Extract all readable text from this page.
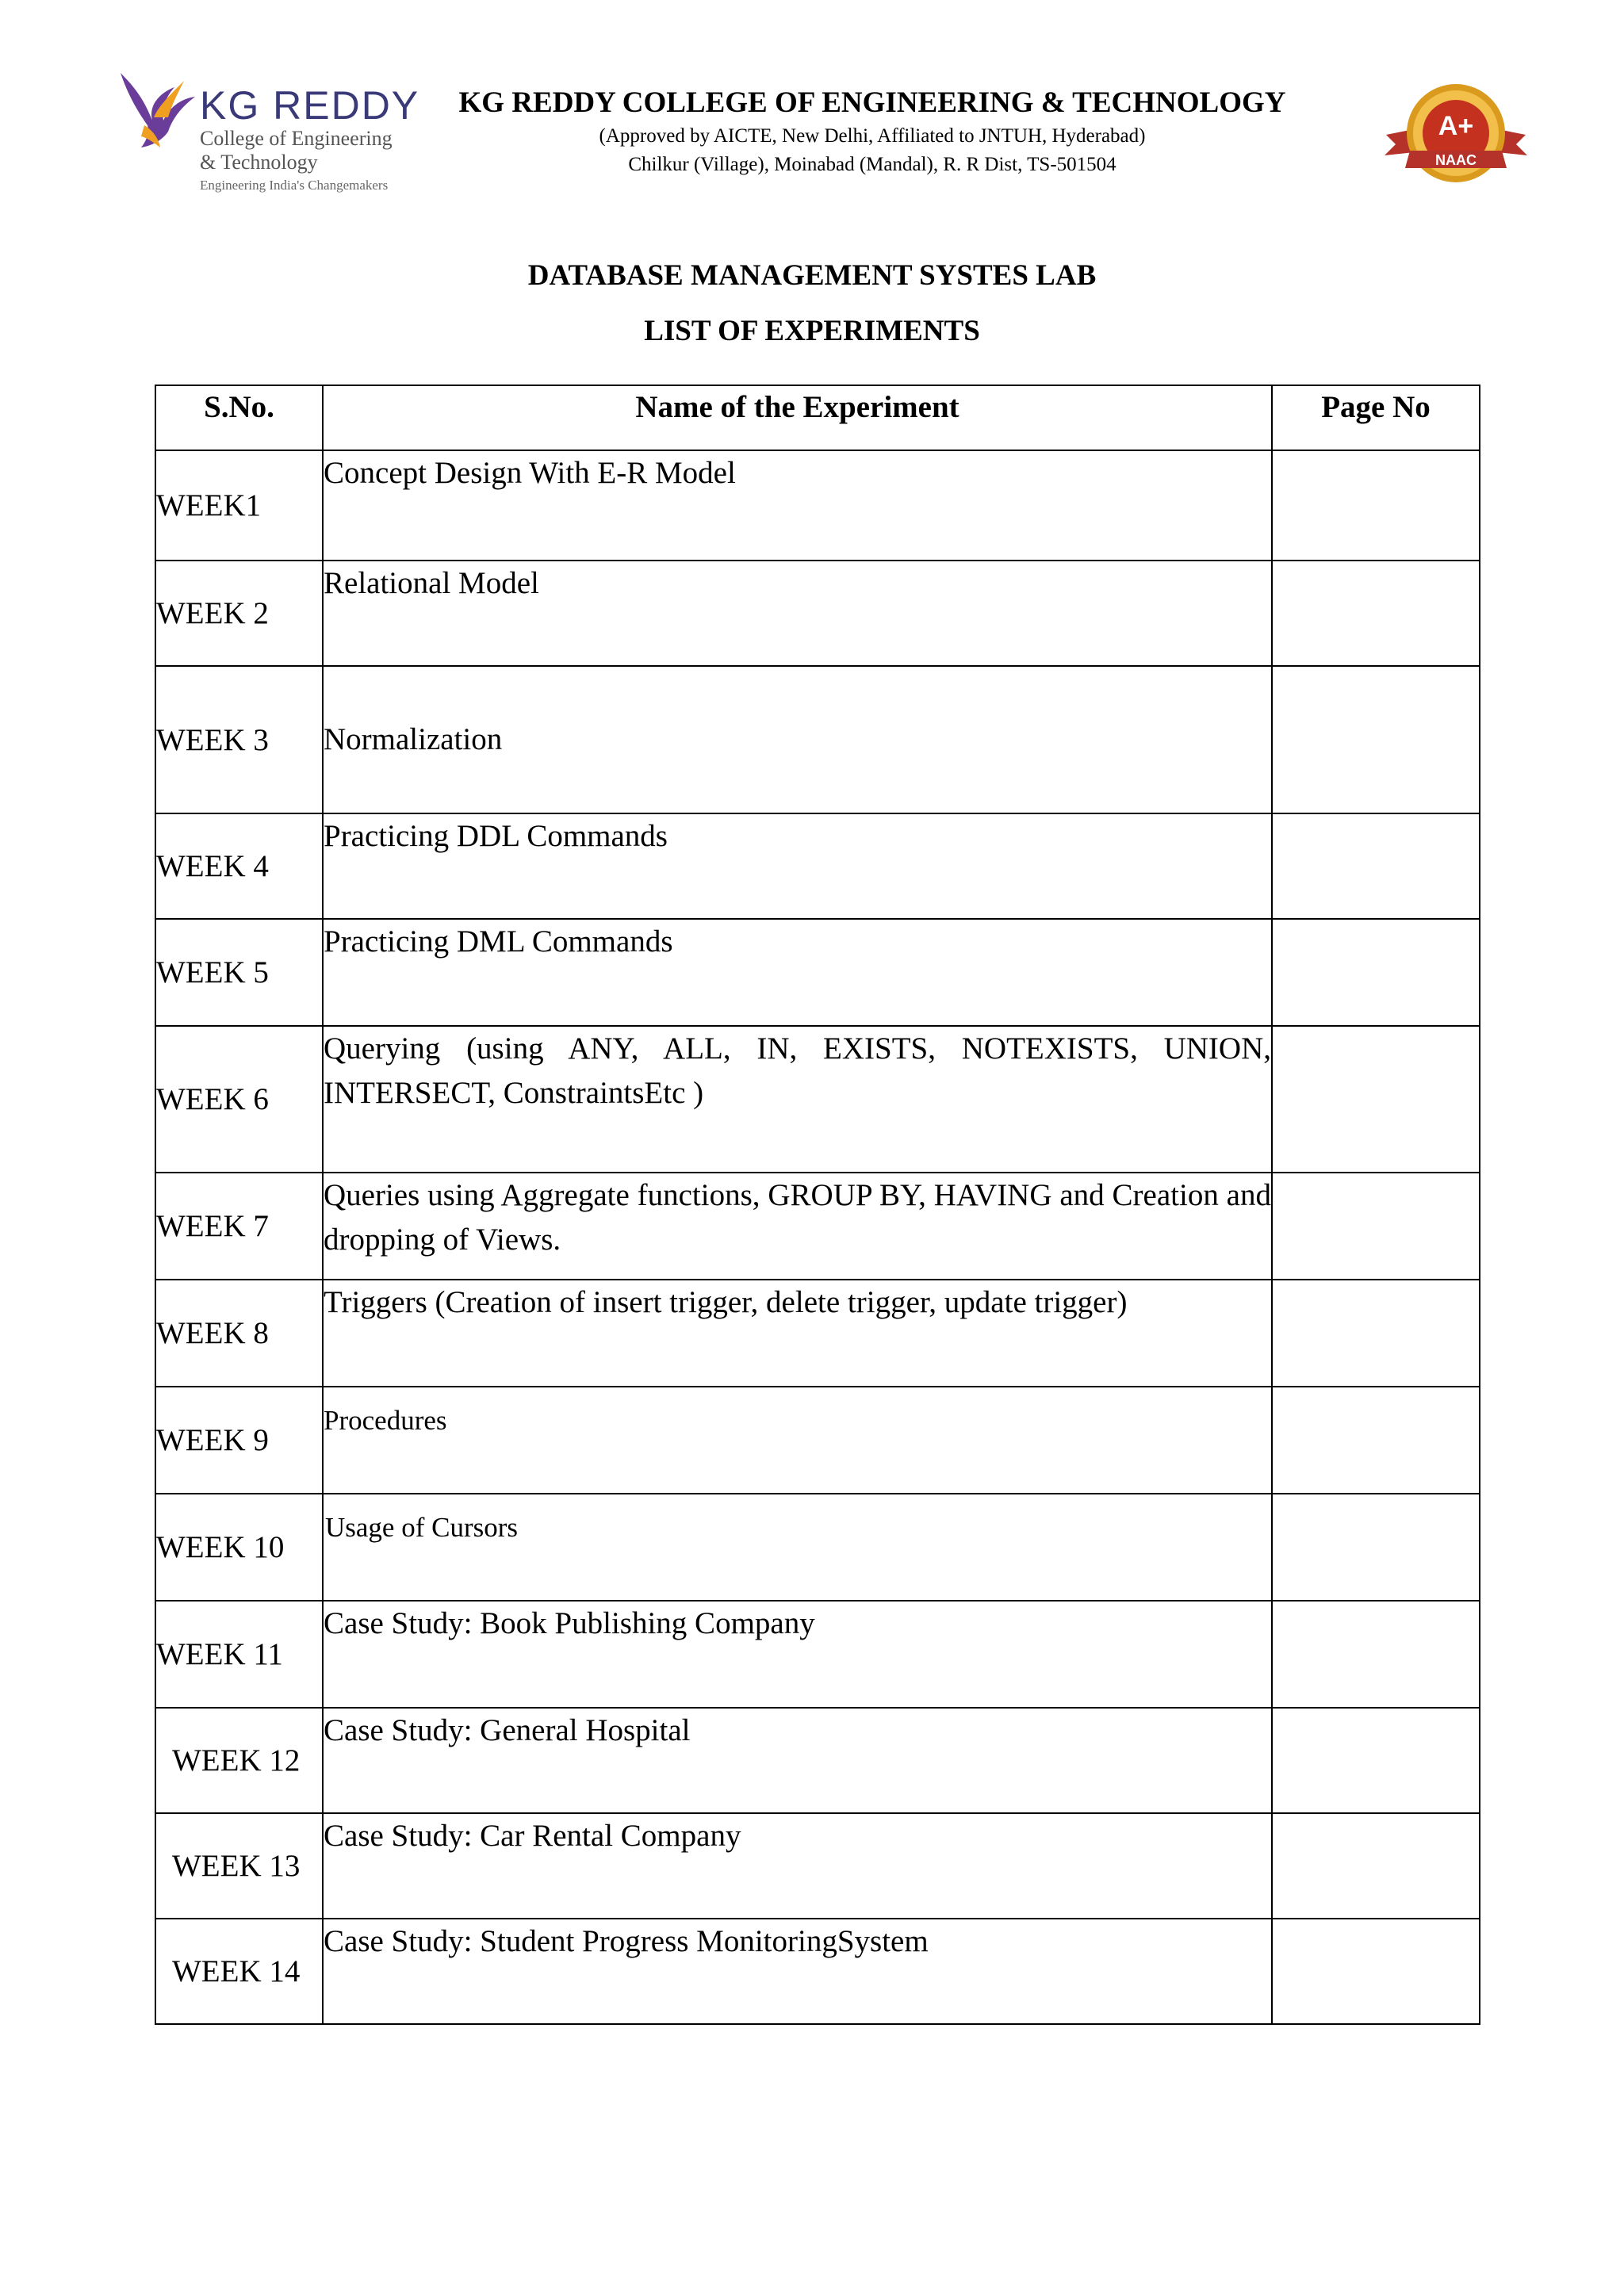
KG REDDY
College of Engineering
& Technology
Engineering India's Changemakers
KG REDDY COLLEGE OF ENGINEERING & TECHNOLOGY
(Approved by AICTE, New Delhi, Affiliated to JNTUH, Hyderabad)
Chilkur (Village), Moinabad (Mandal), R. R Dist, TS-501504
A+
NAAC
DATABASE MANAGEMENT SYSTES LAB
LIST OF EXPERIMENTS
S.No.	Name of the Experiment	Page No
WEEK1	Concept Design With E-R Model	
WEEK 2	Relational Model	
WEEK 3	Normalization	
WEEK 4	Practicing DDL Commands	
WEEK 5	Practicing DML Commands	
WEEK 6	Querying (using ANY, ALL, IN, EXISTS, NOTEXISTS, UNION, INTERSECT, ConstraintsEtc )	
WEEK 7	Queries using Aggregate functions, GROUP BY, HAVING and Creation and dropping of Views.	
WEEK 8	Triggers (Creation of insert trigger, delete trigger, update trigger)	
WEEK 9	Procedures	
WEEK 10	Usage of Cursors	
WEEK 11	Case Study: Book Publishing Company	
WEEK 12	Case Study: General Hospital	
WEEK 13	Case Study: Car Rental Company	
WEEK 14	Case Study: Student Progress MonitoringSystem	
